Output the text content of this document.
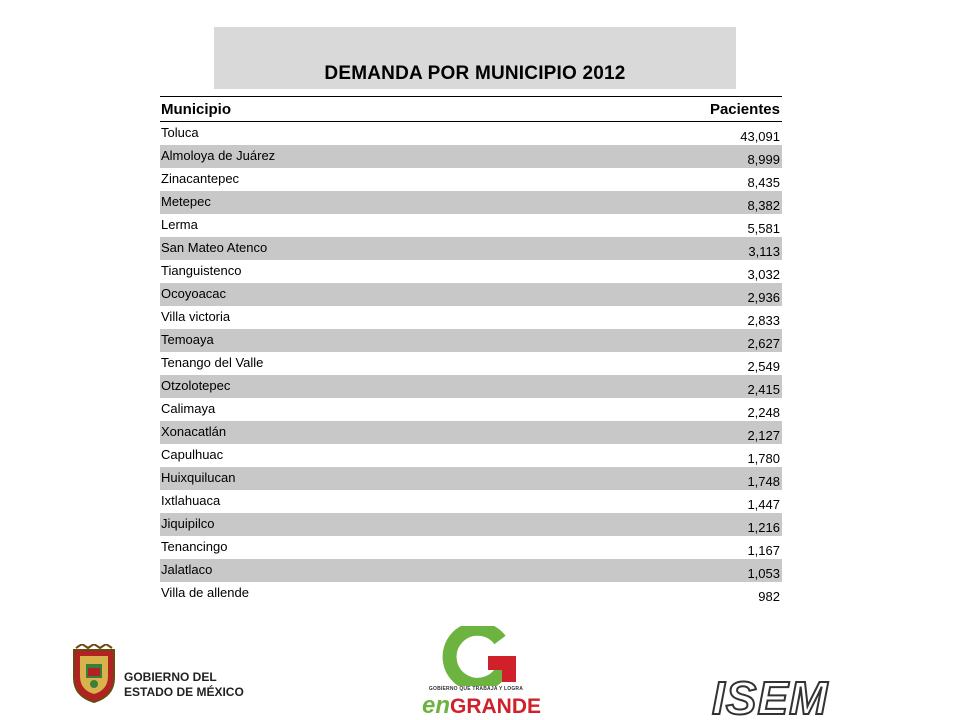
DEMANDA POR MUNICIPIO 2012
Municipio	Pacientes
Toluca	43,091
Almoloya de Juárez	8,999
Zinacantepec	8,435
Metepec	8,382
Lerma	5,581
San Mateo Atenco	3,113
Tianguistenco	3,032
Ocoyoacac	2,936
Villa victoria	2,833
Temoaya	2,627
Tenango del Valle	2,549
Otzolotepec	2,415
Calimaya	2,248
Xonacatlán	2,127
Capulhuac	1,780
Huixquilucan	1,748
Ixtlahuaca	1,447
Jiquipilco	1,216
Tenancingo	1,167
Jalatlaco	1,053
Villa de allende	982
GOBIERNO DEL
ESTADO DE MÉXICO	GOBIERNO QUE TRABAJA Y LOGRA
enGRANDE	ISEM
